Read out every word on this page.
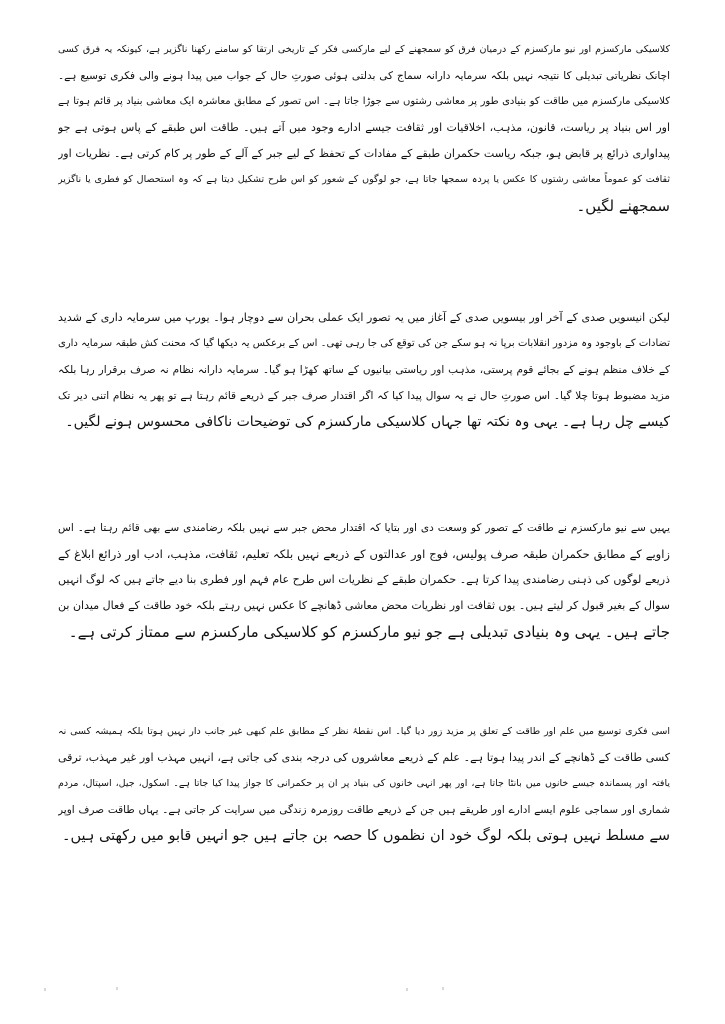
کلاسیکی مارکسزم اور نیو مارکسزم کے درمیان فرق کو سمجھنے کے لیے مارکسی فکر کے تاریخی ارتقا کو سامنے رکھنا ناگزیر ہے، کیونکہ یہ فرق کسی
اچانک نظریاتی تبدیلی کا نتیجہ نہیں بلکہ سرمایہ دارانہ سماج کی بدلتی ہوئی صورتِ حال کے جواب میں پیدا ہونے والی فکری توسیع ہے۔
کلاسیکی مارکسزم میں طاقت کو بنیادی طور پر معاشی رشتوں سے جوڑا جاتا ہے۔ اس تصور کے مطابق معاشرہ ایک معاشی بنیاد پر قائم ہوتا ہے
اور اس بنیاد پر ریاست، قانون، مذہب، اخلاقیات اور ثقافت جیسے ادارے وجود میں آتے ہیں۔ طاقت اس طبقے کے پاس ہوتی ہے جو
پیداواری ذرائع پر قابض ہو، جبکہ ریاست حکمران طبقے کے مفادات کے تحفظ کے لیے جبر کے آلے کے طور پر کام کرتی ہے۔ نظریات اور
ثقافت کو عموماً معاشی رشتوں کا عکس یا پردہ سمجھا جاتا ہے، جو لوگوں کے شعور کو اس طرح تشکیل دیتا ہے کہ وہ استحصال کو فطری یا ناگزیر
سمجھنے لگیں۔
لیکن انیسویں صدی کے آخر اور بیسویں صدی کے آغاز میں یہ تصور ایک عملی بحران سے دوچار ہوا۔ یورپ میں سرمایہ داری کے شدید
تضادات کے باوجود وہ مزدور انقلابات برپا نہ ہو سکے جن کی توقع کی جا رہی تھی۔ اس کے برعکس یہ دیکھا گیا کہ محنت کش طبقہ سرمایہ داری
کے خلاف منظم ہونے کے بجائے قوم پرستی، مذہب اور ریاستی بیانیوں کے ساتھ کھڑا ہو گیا۔ سرمایہ دارانہ نظام نہ صرف برقرار رہا بلکہ
مزید مضبوط ہوتا چلا گیا۔ اس صورتِ حال نے یہ سوال پیدا کیا کہ اگر اقتدار صرف جبر کے ذریعے قائم رہتا ہے تو پھر یہ نظام اتنی دیر تک
کیسے چل رہا ہے۔ یہی وہ نکتہ تھا جہاں کلاسیکی مارکسزم کی توضیحات ناکافی محسوس ہونے لگیں۔
یہیں سے نیو مارکسزم نے طاقت کے تصور کو وسعت دی اور بتایا کہ اقتدار محض جبر سے نہیں بلکہ رضامندی سے بھی قائم رہتا ہے۔ اس
زاویے کے مطابق حکمران طبقہ صرف پولیس، فوج اور عدالتوں کے ذریعے نہیں بلکہ تعلیم، ثقافت، مذہب، ادب اور ذرائع ابلاغ کے
ذریعے لوگوں کی ذہنی رضامندی پیدا کرتا ہے۔ حکمران طبقے کے نظریات اس طرح عام فہم اور فطری بنا دیے جاتے ہیں کہ لوگ انہیں
سوال کے بغیر قبول کر لیتے ہیں۔ یوں ثقافت اور نظریات محض معاشی ڈھانچے کا عکس نہیں رہتے بلکہ خود طاقت کے فعال میدان بن
جاتے ہیں۔ یہی وہ بنیادی تبدیلی ہے جو نیو مارکسزم کو کلاسیکی مارکسزم سے ممتاز کرتی ہے۔
اسی فکری توسیع میں علم اور طاقت کے تعلق پر مزید زور دیا گیا۔ اس نقطۂ نظر کے مطابق علم کبھی غیر جانب دار نہیں ہوتا بلکہ ہمیشہ کسی نہ
کسی طاقت کے ڈھانچے کے اندر پیدا ہوتا ہے۔ علم کے ذریعے معاشروں کی درجہ بندی کی جاتی ہے، انہیں مہذب اور غیر مہذب، ترقی
یافتہ اور پسماندہ جیسے خانوں میں بانٹا جاتا ہے، اور پھر انہی خانوں کی بنیاد پر ان پر حکمرانی کا جواز پیدا کیا جاتا ہے۔ اسکول، جیل، اسپتال، مردم
شماری اور سماجی علوم ایسے ادارے اور طریقے ہیں جن کے ذریعے طاقت روزمرہ زندگی میں سرایت کر جاتی ہے۔ یہاں طاقت صرف اوپر
سے مسلط نہیں ہوتی بلکہ لوگ خود ان نظموں کا حصہ بن جاتے ہیں جو انہیں قابو میں رکھتی ہیں۔
